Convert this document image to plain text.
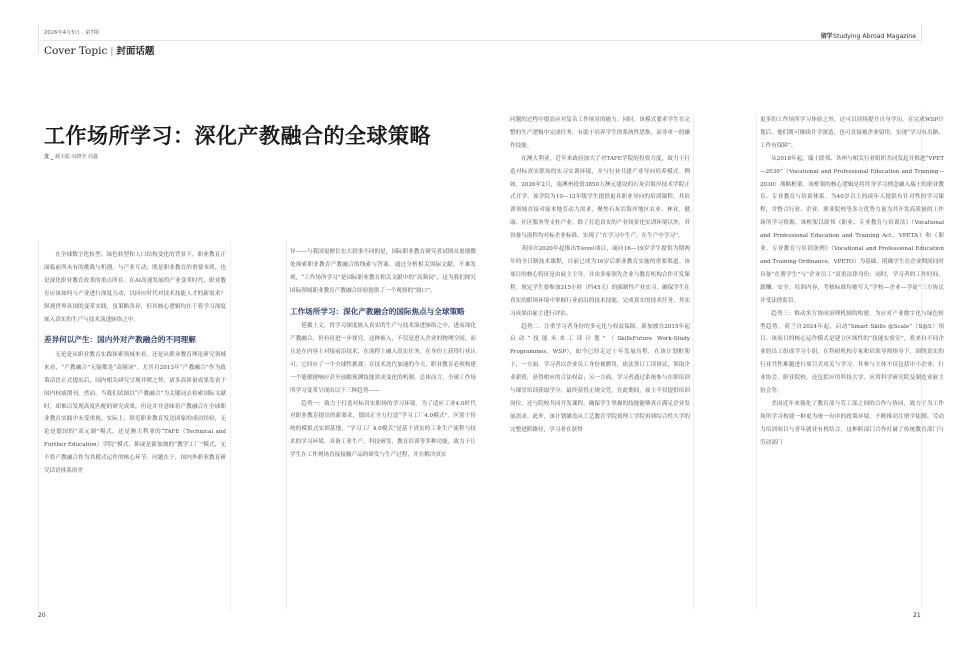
2026年4月5日 · 第7期
Cover Topic | 封面话题
留学Studying Abroad Magazine
工作场所学习：深化产教融合的全球策略
文 _ 郝天聪 向晓莹 周鑫

在全球数字化转型、绿色转型和人口结构变化的背景下，职业教育正面临前所未有的挑战与机遇。与产业互动，既是职业教育的重要本质，也是深化职业教育改革的重点所在。在AI高速发展的产业变革时代，职业教育应该如何与产业进行深度互动，以回应时代对技术技能人才的新需求？纵观世界各国的变革实践，虽策略各异，但其核心逻辑均在于将学习深度嵌入真实的生产与技术演进脉络之中。

差异何以产生：国内外对产教融合的不同理解

无论是从职业教育实践探索领域来看，还是从职业教育理论研究领域来看，“产教融合”无疑都是“高频词”。尤其自2013年“产教融合”作为政策话语正式提出后，国内相关研究呈现井喷之势，诸多高质量成果发表于国内权威期刊。然而，当我们试图以“产教融合”为关键词去检索国际文献时，却难以发现高度匹配的研究成果，但这并非意味着产教融合在全球职业教育实践中未受重视。实际上，纵览职业教育发达国家的成功经验，无论是德国的“双元制”模式，还是澳大利亚的“TAFE（Technical and Further Education）学院”模式，抑或是新加坡的“教学工厂”模式，无不将产教融合作为其模式运作的核心环节。问题在于，国内外职业教育研究话语体系的差

异——与我国更擅长宏大叙事不同的是，国际职业教育研究者试图从更细微处探索职业教育产教融合的线索与答案。通过分析相关国际文献，不难发现，“工作场所学习”是国际职业教育相关文献中的“高频词”，这为我们探究国际领域职业教育产教融合经验提供了一个观察的“窗口”。

工作场所学习：深化产教融合的国际焦点与全球策略

延循上文，将学习深度嵌入真实的生产与技术演进脉络之中，进而深化产教融合，仍有待进一步探究。这种嵌入，不仅是进入企业的物理空间，而且是在内容上对接前沿技术，在流程上融入真实任务，在身份上获得行业认可。它回应了一个全球性挑战：在技术迭代加速的今天，职业教育必须构建一个能敏捷响应甚至前瞻预测技能需求变化的机制。总体而言，全球工作场所学习变革呈现出以下三种趋势——

趋势一：致力于打造对标真实职场的学习环境。为了适应工业4.0时代对职业教育提出的新要求，德国正全力打造“学习工厂4.0模式”。区别于传统的模拟式实训基地，“学习工厂4.0模式”是基于真实的工业生产流程与技术的学习环境，具备工业生产、科技研发、教育培训等多种功能，致力于让学生在工作现场直接接触产品的研发与生产过程，并在解决真实

问题的过程中提高应对复杂工作场景的能力。同时，该模式要求学生在完整的生产逻辑中完成任务，有助于培养学生的系统性思维，而非单一的操作技能。

在澳大利亚，近年来政府加大了对TAFE学院的投资力度，致力于打造对标真实职场的实习实训环境，并与行业共建产业导向培养模式。例如，2026年2月，南澳州投资3850万澳元建设的石灰岩海岸技术学院正式开学。该学院为10—12年级学生提供更具职业导向的培训课程，其培训领域直接对接本地劳动力需求，聚焦石灰岩海岸地区农业、林业、健康、社区服务等支柱产业。除了打造真实的产业场景化实训环境以外，其设备与流程均对标企业标准，实现了“在学习中生产，在生产中学习”。

英国自2020年起推出T-level项目，面向16—19岁学生提供为期两年的全日制技术课程，目前已成为16岁后职业教育实施的重要渠道。该项目的核心特征是由雇主主导，并由多家领先企业与教育机构合作开发课程。规定学生要参加315小时（约45天）的强制性产业实习，确保学生在真实的职场环境中掌握行业前沿的技术技能，完成真实的技术任务，其实习成果由雇主进行评估。

趋势二：注重学习者身份的多元化与权益保障。新加坡自2015年起启动“技能未来工读计划”（SkillsFuture Work-Study Programmes，WSP），如今已经走过十年发展历程。在该计划框架下，一方面，学习者以企业员工身份被聘用，依法签订工读协议，领取企业薪资，获得相应的合法权益；另一方面，学习者通过系统参与在职培训与课堂培训获取学分，最终获得正规文凭。在此期间，雇主不仅提供培训岗位，还与院校共同开发课程，确保学生掌握的技能能够真正满足企业发展需求。此外，该计划涵盖从工艺教育学院到理工学院再到综合性大学的完整进阶路径，学习者在获得

更多的工作场所学习体验之外，还可以持续提升自身学历。在完成WSP计划后，他们既可继续升学深造，也可直接被企业留用，实现“学习有出路、工作有保障”。

从2018年起，瑞士联邦、各州与相关行业组织共同发起并推进“VPET—2030”（Vocational and Professional Education and Training—2030）战略框架。该框架的核心逻辑是将终身学习理念融入瑞士的职业教育、专业教育与培训体系，为40岁以上的成年人提供有针对性的学习课程，并整合行业、企业、职业院校等多方优势力量为其开发高质量的工作场所学习资源。该框架以联邦《职业、专业教育与培训法》（Vocational and Professional Education and Training Act，VPETA）和《职业、专业教育与培训条例》（Vocational and Professional Education and Training Ordinance，VPETO）为基础，明确学生在企业期间同时具备“在册学生”与“企业员工”双重法律身份；同时，学习者的工作时间、薪酬、安全、培训内容、考核标准均被写入“学校—企业—学徒”三方协议并受法律监管。

趋势三：推动多方协同治理机制的构建。为应对产业数字化与绿色转型趋势，荷兰自2024年起，启动“Smart Skills @Scale”（S@S）项目。该项目的核心运作模式是建立区域性的“技能实验室”，将来自不同企业的员工组成学习小组，在科研机构专家和培训导师指导下，围绕真实的行业共性难题进行项目式攻关与学习。其参与主体不仅包括中小企业、行业协会、职业院校，还包括应用科技大学、应用科学研究院及制造业雇主协会等。

美国近年来强化了教育部与劳工部之间的合作与协同，致力于为工作场所学习构建一种更为统一有序的政策环境，不断推动注册学徒制、劳动力培训项目与青年就业有机结合。这种跨部门合作打破了传统教育部门与劳动部门

20	21
